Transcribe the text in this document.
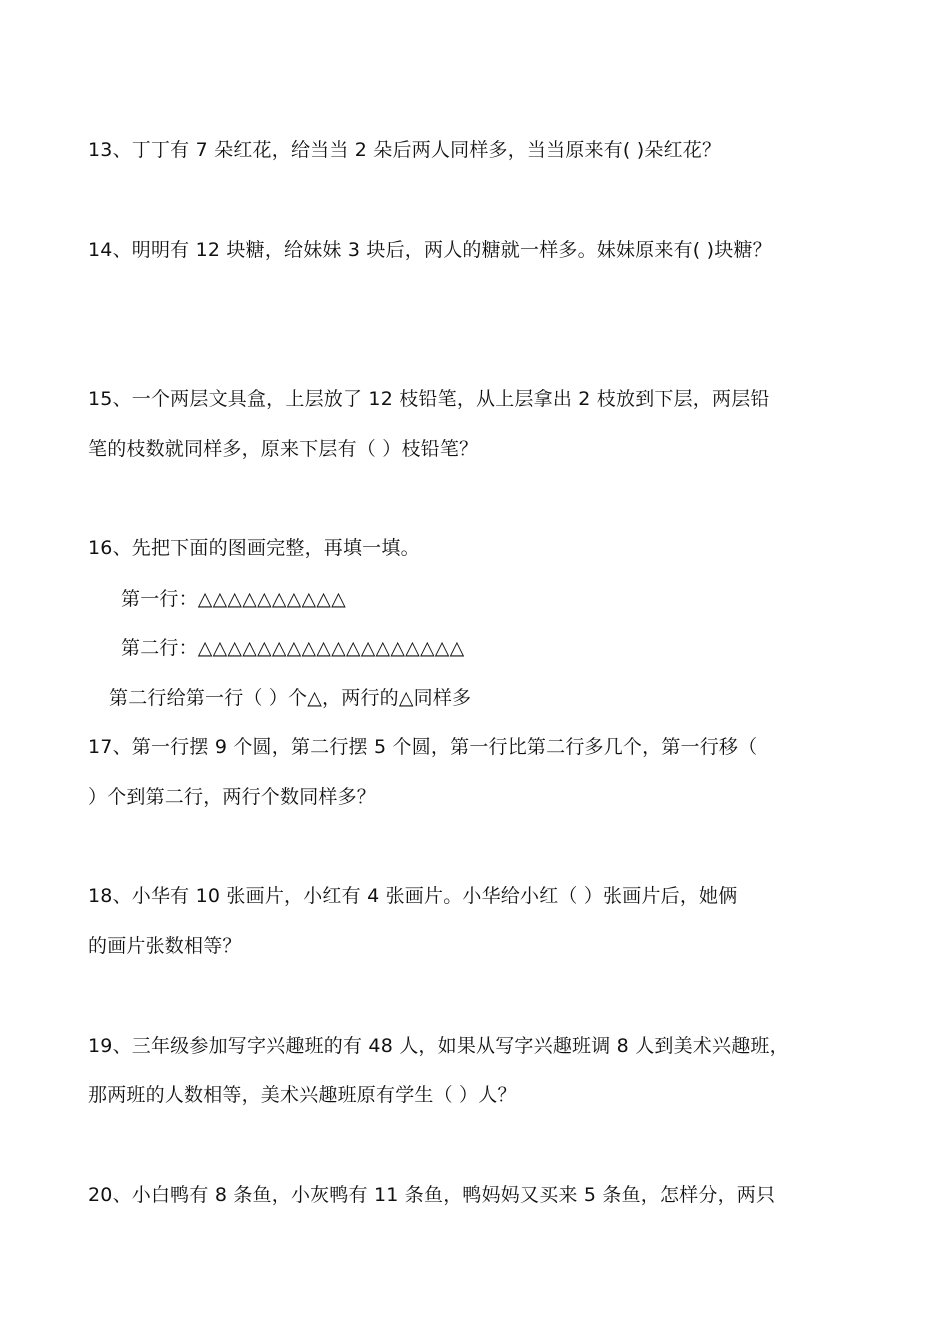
13、丁丁有 7 朵红花，给当当 2 朵后两人同样多，当当原来有( )朵红花？
14、明明有 12 块糖，给妹妹 3 块后，两人的糖就一样多。妹妹原来有( )块糖？
15、一个两层文具盒，上层放了 12 枝铅笔，从上层拿出 2 枝放到下层，两层铅
笔的枝数就同样多，原来下层有（ ）枝铅笔？
16、先把下面的图画完整，再填一填。
第一行：△△△△△△△△△△
第二行：△△△△△△△△△△△△△△△△△△
第二行给第一行（ ）个△，两行的△同样多
17、第一行摆 9 个圆，第二行摆 5 个圆，第一行比第二行多几个，第一行移（
）个到第二行，两行个数同样多？
18、小华有 10 张画片，小红有 4 张画片。小华给小红（ ）张画片后，她俩
的画片张数相等？
19、三年级参加写字兴趣班的有 48 人，如果从写字兴趣班调 8 人到美术兴趣班，
那两班的人数相等，美术兴趣班原有学生（ ）人？
20、小白鸭有 8 条鱼，小灰鸭有 11 条鱼，鸭妈妈又买来 5 条鱼，怎样分，两只
